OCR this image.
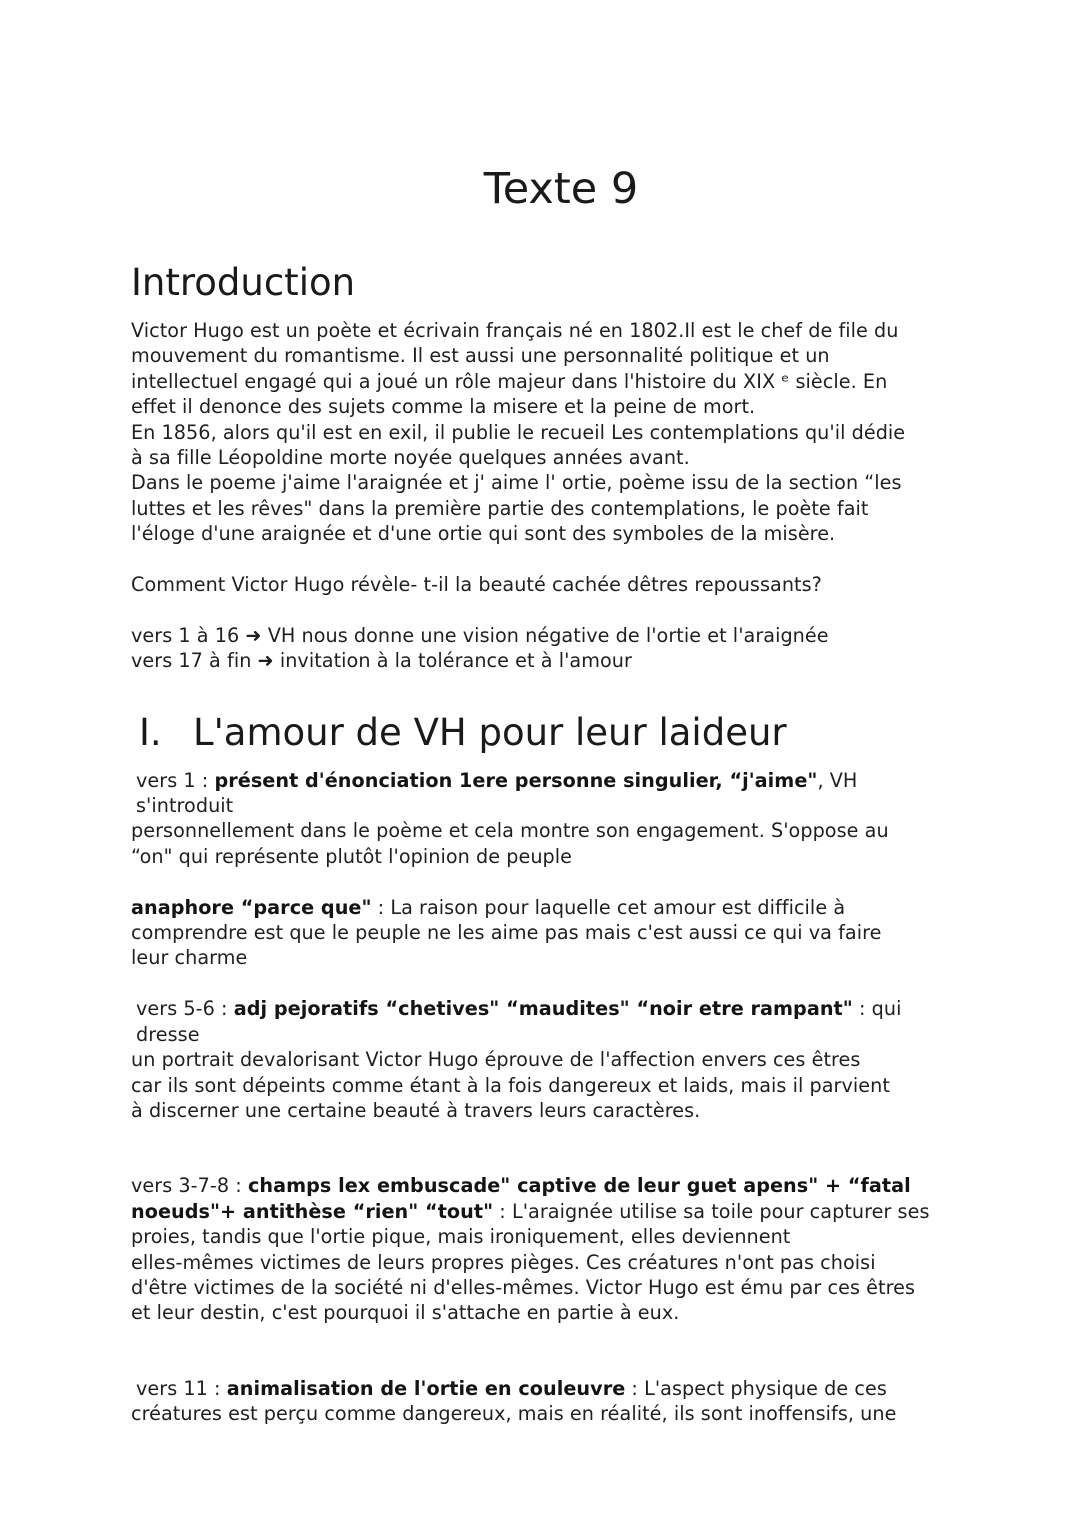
Texte 9
Introduction

Victor Hugo est un poète et écrivain français né en 1802.Il est le chef de file du

mouvement du romantisme. Il est aussi une personnalité politique et un

intellectuel engagé qui a joué un rôle majeur dans l'histoire du XIX ᵉ siècle. En

effet il denonce des sujets comme la misere et la peine de mort.

En 1856, alors qu'il est en exil, il publie le recueil Les contemplations qu'il dédie

à sa fille Léopoldine morte noyée quelques années avant.

Dans le poeme j'aime l'araignée et j' aime l' ortie, poème issu de la section “les

luttes et les rêves" dans la première partie des contemplations, le poète fait

l'éloge d'une araignée et d'une ortie qui sont des symboles de la misère.

Comment Victor Hugo révèle- t-il la beauté cachée dêtres repoussants?

vers 1 à 16 ➜ VH nous donne une vision négative de l'ortie et l'araignée

vers 17 à fin ➜ invitation à la tolérance et à l'amour

I. L'amour de VH pour leur laideur

vers 1 : présent d'énonciation 1ere personne singulier, “j'aime", VH s'introduit

personnellement dans le poème et cela montre son engagement. S'oppose au

“on" qui représente plutôt l'opinion de peuple

anaphore “parce que" : La raison pour laquelle cet amour est difficile à

comprendre est que le peuple ne les aime pas mais c'est aussi ce qui va faire

leur charme

vers 5-6 : adj pejoratifs “chetives" “maudites" “noir etre rampant" : qui dresse

un portrait devalorisant Victor Hugo éprouve de l'affection envers ces êtres

car ils sont dépeints comme étant à la fois dangereux et laids, mais il parvient

à discerner une certaine beauté à travers leurs caractères.

vers 3-7-8 : champs lex embuscade" captive de leur guet apens" + “fatal

noeuds"+ antithèse “rien" “tout" : L'araignée utilise sa toile pour capturer ses

proies, tandis que l'ortie pique, mais ironiquement, elles deviennent

elles-mêmes victimes de leurs propres pièges. Ces créatures n'ont pas choisi

d'être victimes de la société ni d'elles-mêmes. Victor Hugo est ému par ces êtres

et leur destin, c'est pourquoi il s'attache en partie à eux.

vers 11 : animalisation de l'ortie en couleuvre : L'aspect physique de ces

créatures est perçu comme dangereux, mais en réalité, ils sont inoffensifs, une
